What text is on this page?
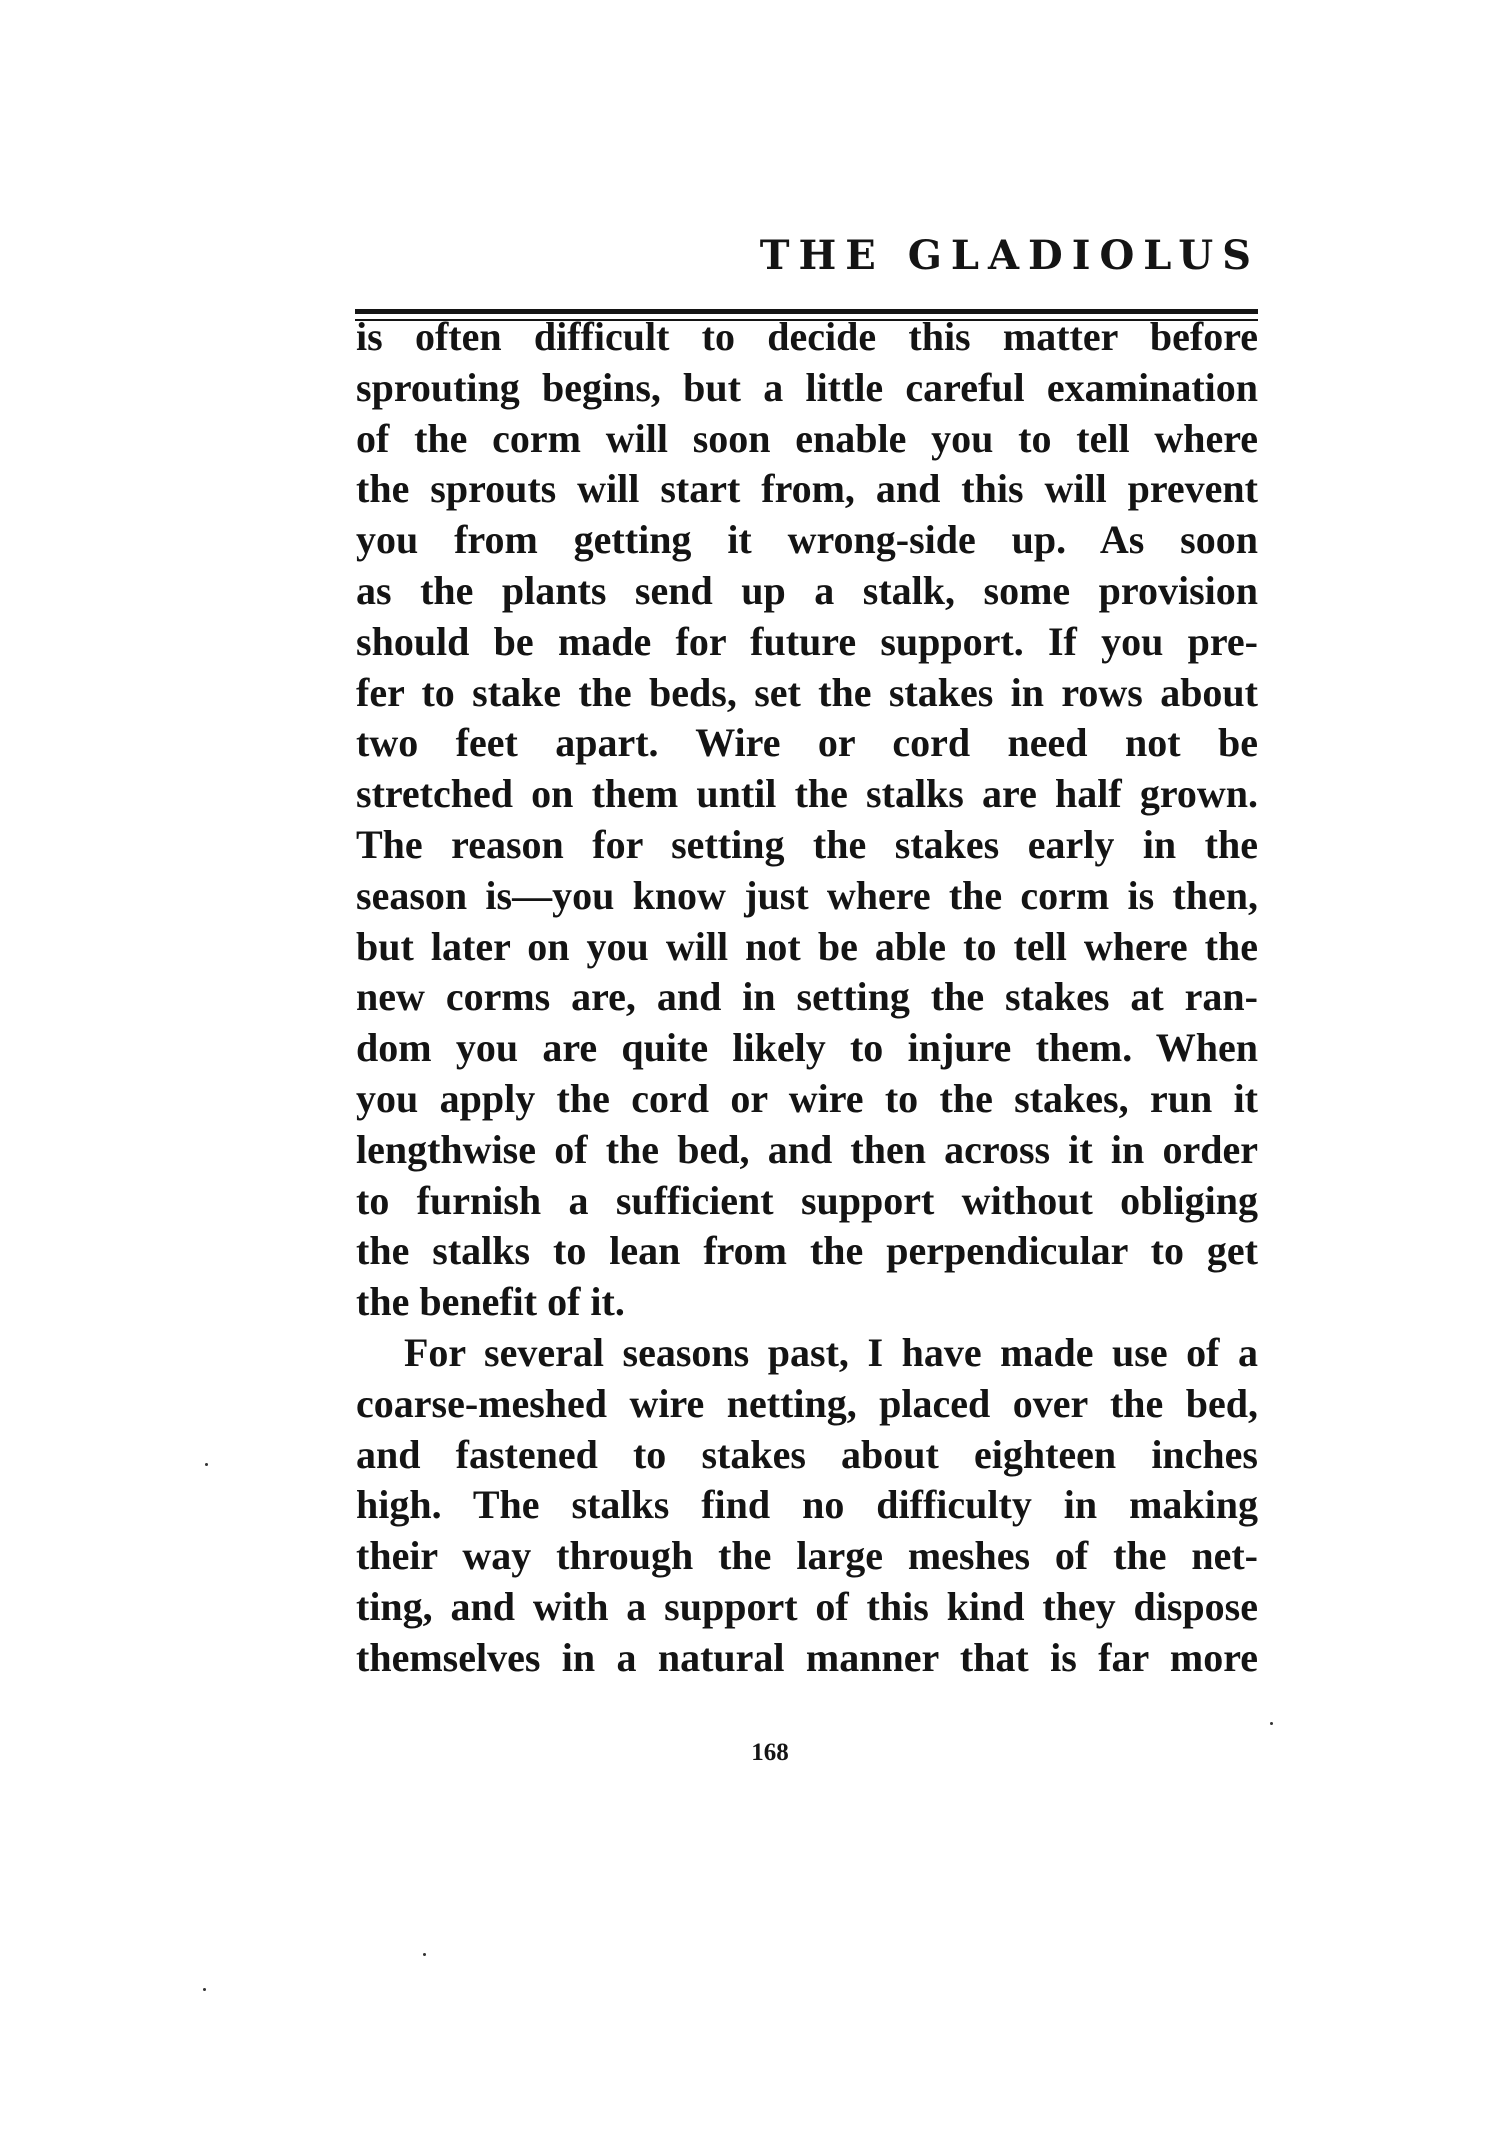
THE GLADIOLUS
is often difficult to decide this matter before
sprouting begins, but a little careful examination
of the corm will soon enable you to tell where
the sprouts will start from, and this will prevent
you from getting it wrong-side up. As soon
as the plants send up a stalk, some provision
should be made for future support. If you pre-
fer to stake the beds, set the stakes in rows about
two feet apart. Wire or cord need not be
stretched on them until the stalks are half grown.
The reason for setting the stakes early in the
season is—you know just where the corm is then,
but later on you will not be able to tell where the
new corms are, and in setting the stakes at ran-
dom you are quite likely to injure them. When
you apply the cord or wire to the stakes, run it
lengthwise of the bed, and then across it in order
to furnish a sufficient support without obliging
the stalks to lean from the perpendicular to get
the benefit of it.
For several seasons past, I have made use of a
coarse-meshed wire netting, placed over the bed,
and fastened to stakes about eighteen inches
high. The stalks find no difficulty in making
their way through the large meshes of the net-
ting, and with a support of this kind they dispose
themselves in a natural manner that is far more
168
